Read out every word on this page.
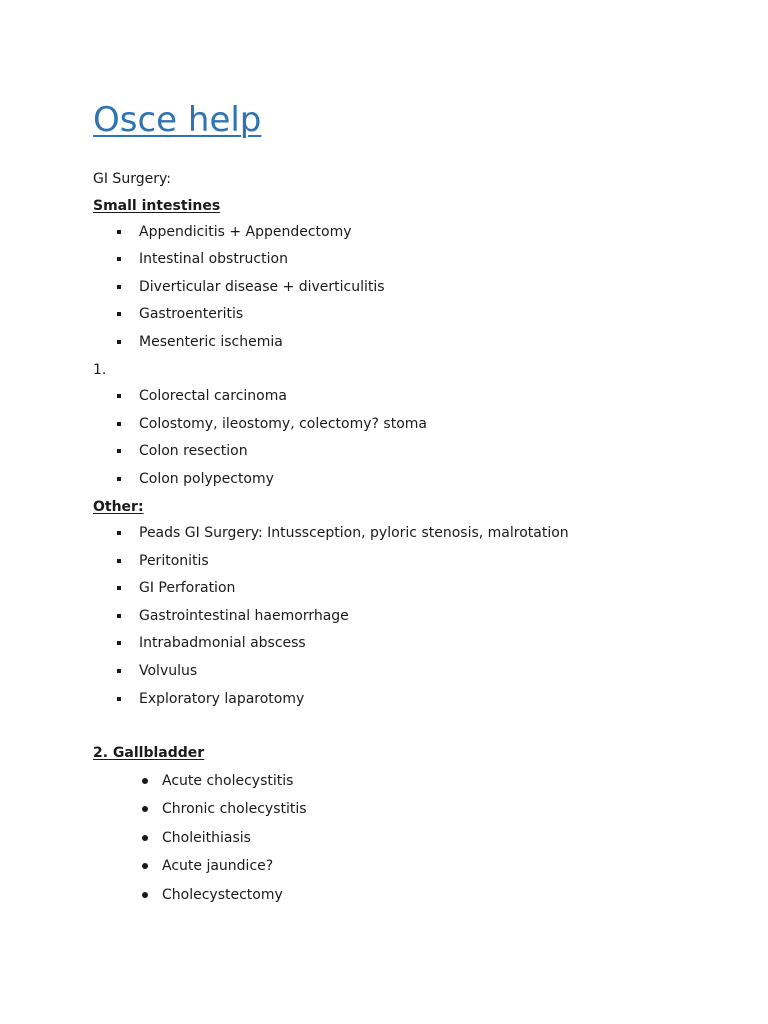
Osce help
GI Surgery:
Small intestines
Appendicitis + Appendectomy
Intestinal obstruction
Diverticular disease + diverticulitis
Gastroenteritis
Mesenteric ischemia
1.
Colorectal carcinoma
Colostomy, ileostomy, colectomy? stoma
Colon resection
Colon polypectomy
Other:
Peads GI Surgery: Intussception, pyloric stenosis, malrotation
Peritonitis
GI Perforation
Gastrointestinal haemorrhage
Intrabadmonial abscess
Volvulus
Exploratory laparotomy
2. Gallbladder
Acute cholecystitis
Chronic cholecystitis
Choleithiasis
Acute jaundice?
Cholecystectomy
